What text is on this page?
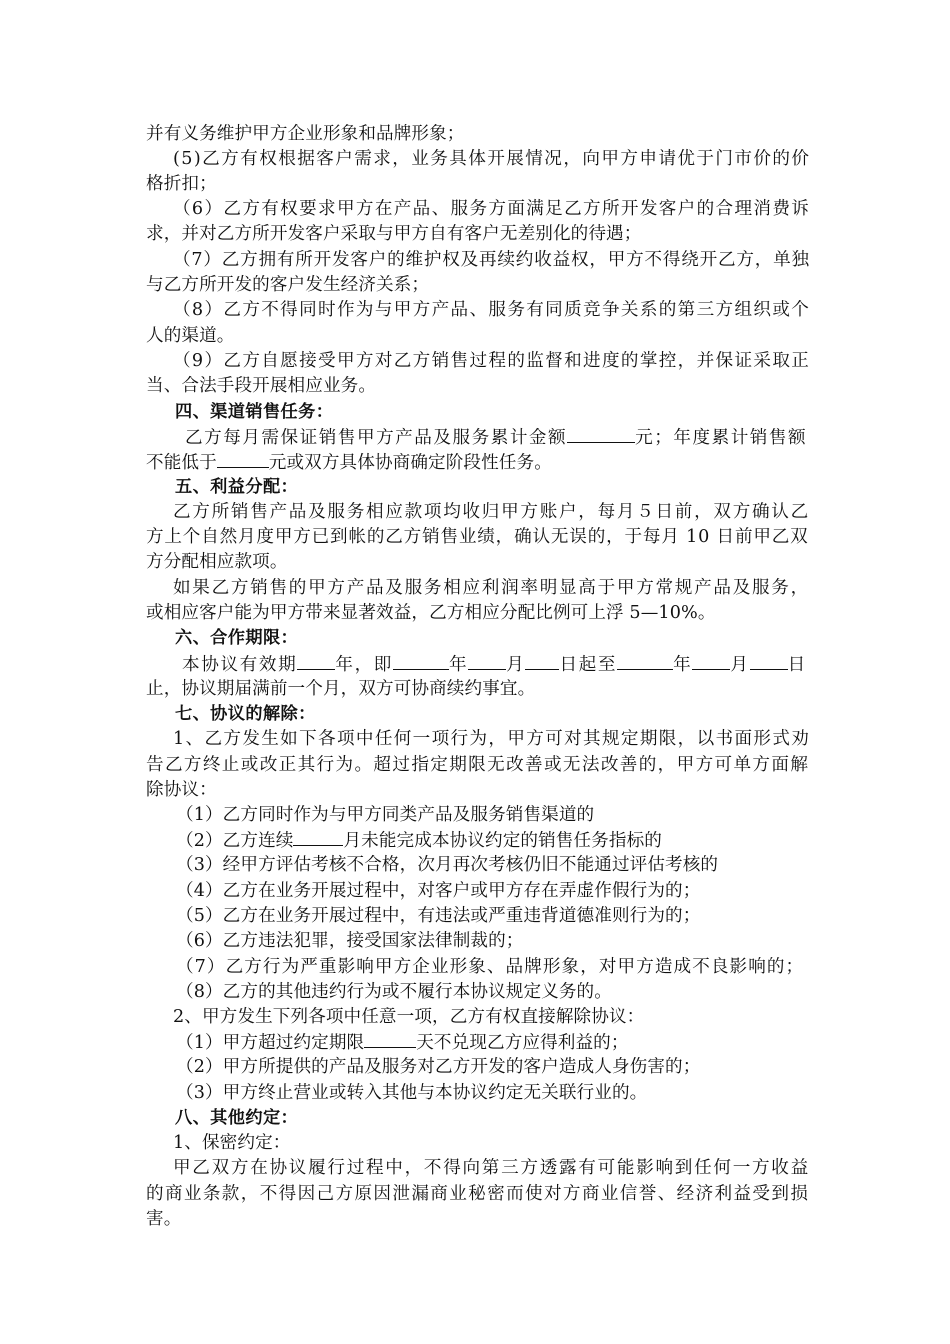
并有义务维护甲方企业形象和品牌形象；
(5)乙方有权根据客户需求，业务具体开展情况，向甲方申请优于门市价的价
格折扣；
（6）乙方有权要求甲方在产品、服务方面满足乙方所开发客户的合理消费诉
求，并对乙方所开发客户采取与甲方自有客户无差别化的待遇；
（7）乙方拥有所开发客户的维护权及再续约收益权，甲方不得绕开乙方，单独
与乙方所开发的客户发生经济关系；
（8）乙方不得同时作为与甲方产品、服务有同质竞争关系的第三方组织或个
人的渠道。
（9）乙方自愿接受甲方对乙方销售过程的监督和进度的掌控，并保证采取正
当、合法手段开展相应业务。
四、渠道销售任务：
乙方每月需保证销售甲方产品及服务累计金额	元；年度累计销售额
不能低于	元或双方具体协商确定阶段性任务。
五、利益分配：
乙方所销售产品及服务相应款项均收归甲方账户，每月５日前，双方确认乙
方上个自然月度甲方已到帐的乙方销售业绩，确认无误的，于每月 10 日前甲乙双
方分配相应款项。
如果乙方销售的甲方产品及服务相应利润率明显高于甲方常规产品及服务，
或相应客户能为甲方带来显著效益，乙方相应分配比例可上浮 5—10%。
六、合作期限：
本协议有效期 年，即	年 月 日起至	年 月 日
止，协议期届满前一个月，双方可协商续约事宜。
七、协议的解除：
1、乙方发生如下各项中任何一项行为，甲方可对其规定期限，以书面形式劝
告乙方终止或改正其行为。超过指定期限无改善或无法改善的，甲方可单方面解
除协议：
（1）乙方同时作为与甲方同类产品及服务销售渠道的
（2）乙方连续	月未能完成本协议约定的销售任务指标的
（3）经甲方评估考核不合格，次月再次考核仍旧不能通过评估考核的
（4）乙方在业务开展过程中，对客户或甲方存在弄虚作假行为的；
（5）乙方在业务开展过程中，有违法或严重违背道德准则行为的；
（6）乙方违法犯罪，接受国家法律制裁的；
（7）乙方行为严重影响甲方企业形象、品牌形象，对甲方造成不良影响的；
（8）乙方的其他违约行为或不履行本协议规定义务的。
2、甲方发生下列各项中任意一项，乙方有权直接解除协议：
（1）甲方超过约定期限	天不兑现乙方应得利益的；
（2）甲方所提供的产品及服务对乙方开发的客户造成人身伤害的；
（3）甲方终止营业或转入其他与本协议约定无关联行业的。
八、其他约定：
1、保密约定：
甲乙双方在协议履行过程中，不得向第三方透露有可能影响到任何一方收益
的商业条款，不得因己方原因泄漏商业秘密而使对方商业信誉、经济利益受到损
害。
